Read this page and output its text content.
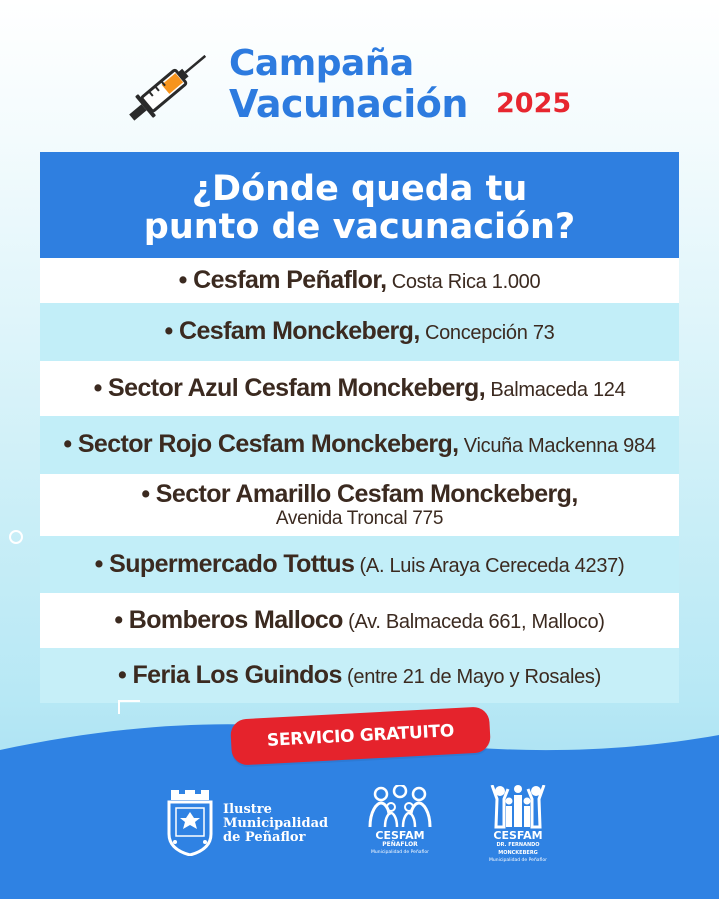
Campaña
Vacunación 2025
¿Dónde queda tu
punto de vacunación?
• Cesfam Peñaflor, Costa Rica 1.000
• Cesfam Monckeberg, Concepción 73
• Sector Azul Cesfam Monckeberg, Balmaceda 124
• Sector Rojo Cesfam Monckeberg, Vicuña Mackenna 984
• Sector Amarillo Cesfam Monckeberg,
Avenida Troncal 775
• Supermercado Tottus (A. Luis Araya Cereceda 4237)
• Bomberos Malloco (Av. Balmaceda 661, Malloco)
• Feria Los Guindos (entre 21 de Mayo y Rosales)
SERVICIO GRATUITO
Ilustre
Municipalidad
de Peñaflor	CESFAM
PEÑAFLOR
Municipalidad de Peñaflor
CESFAM
DR. FERNANDO MONCKEBERG
Municipalidad de Peñaflor
